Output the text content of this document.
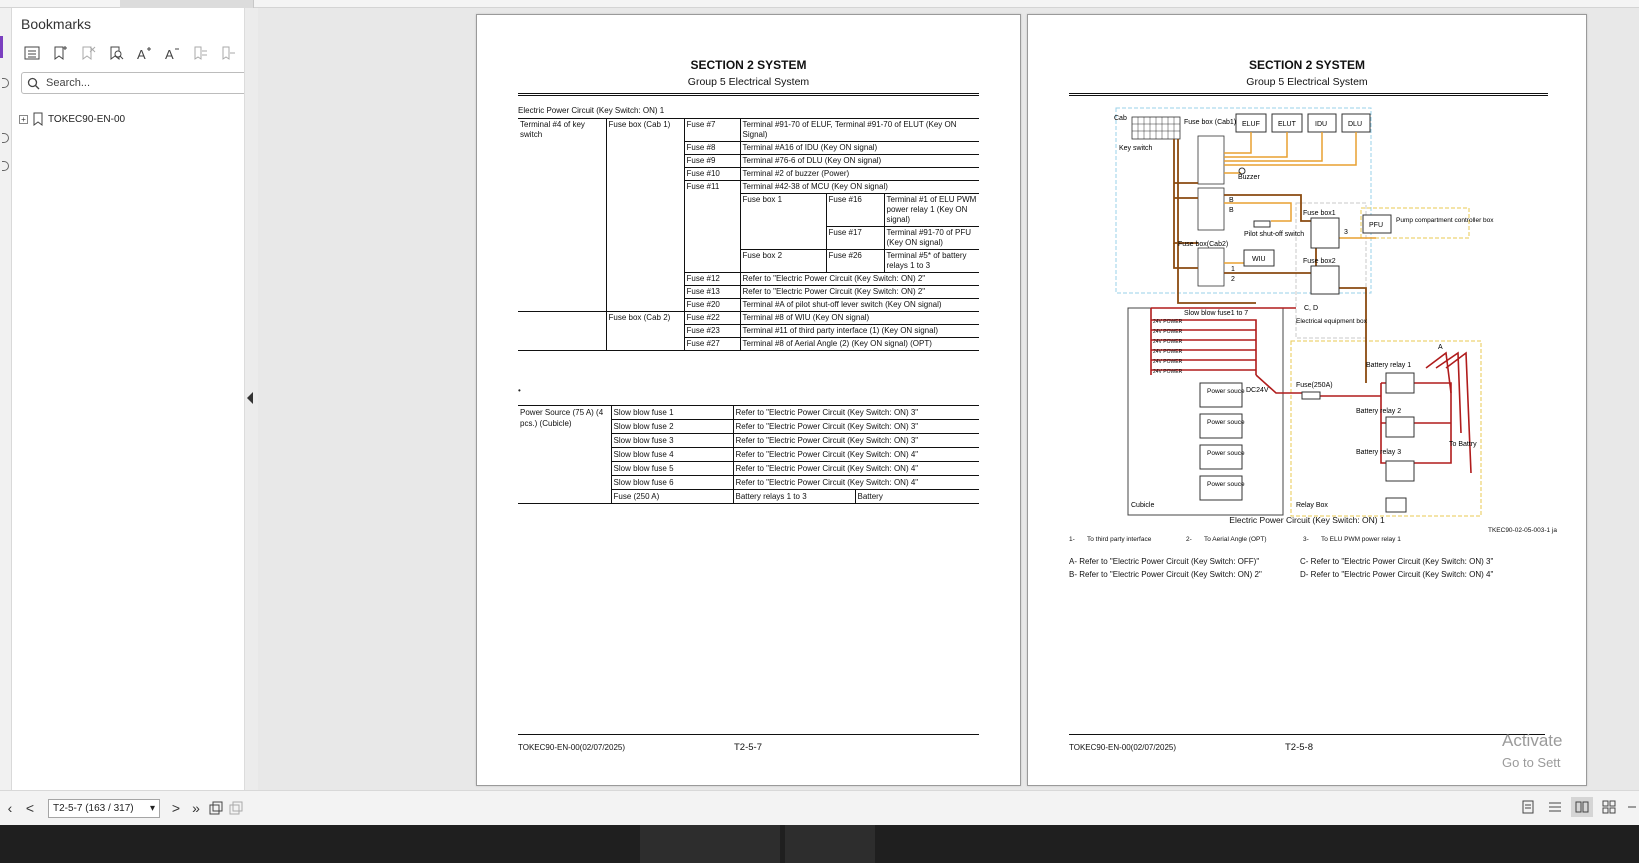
Bookmarks
A A
Search...
+ TOKEC90-EN-00
SECTION 2 SYSTEM
Group 5 Electrical System
Electric Power Circuit (Key Switch: ON) 1
Terminal #4 of key switch	Fuse box (Cab 1)	Fuse #7	Terminal #91-70 of ELUF, Terminal #91-70 of ELUT (Key ON Signal)		
		Fuse #8	Terminal #A16 of IDU (Key ON signal)		
		Fuse #9	Terminal #76-6 of DLU (Key ON signal)		
		Fuse #10	Terminal #2 of buzzer (Power)		
		Fuse #11	Terminal #42-38 of MCU (Key ON signal)		
			Fuse box 1	Fuse #16	Terminal #1 of ELU PWM power relay 1 (Key ON signal)
				Fuse #17	Terminal #91-70 of PFU (Key ON signal)
			Fuse box 2	Fuse #26	Terminal #5* of battery relays 1 to 3
		Fuse #12	Refer to "Electric Power Circuit (Key Switch: ON) 2"		
		Fuse #13	Refer to "Electric Power Circuit (Key Switch: ON) 2"		
		Fuse #20	Terminal #A of pilot shut-off lever switch (Key ON signal)		
	Fuse box (Cab 2)	Fuse #22	Terminal #8 of WIU (Key ON signal)		
		Fuse #23	Terminal #11 of third party interface (1) (Key ON signal)		
		Fuse #27	Terminal #8 of Aerial Angle (2) (Key ON signal) (OPT)		
•
Power Source (75 A) (4 pcs.) (Cubicle)	Slow blow fuse 1	Refer to "Electric Power Circuit (Key Switch: ON) 3"	
	Slow blow fuse 2	Refer to "Electric Power Circuit (Key Switch: ON) 3"	
	Slow blow fuse 3	Refer to "Electric Power Circuit (Key Switch: ON) 3"	
	Slow blow fuse 4	Refer to "Electric Power Circuit (Key Switch: ON) 4"	
	Slow blow fuse 5	Refer to "Electric Power Circuit (Key Switch: ON) 4"	
	Slow blow fuse 6	Refer to "Electric Power Circuit (Key Switch: ON) 4"	
	Fuse (250 A)	Battery relays 1 to 3	Battery
TOKEC90-EN-00(02/07/2025)	T2-5-7
SECTION 2 SYSTEM
Group 5 Electrical System
Cab
Key switch
Fuse box (Cab1) ELUF	ELUT	IDU	DLU
Buzzer
B
B
Pilot shut-off switch
Fuse box(Cab2)
WIU
1
2
Fuse box1
3
PFU
Pump compartment controller box
Fuse box2
C, D
Electrical equipment box
Slow blow fuse1 to 7
24V POWER
24V POWER
24V POWER
24V POWER
24V POWER
24V POWER
DC24V
Fuse(250A)
Power souce
Power souce
Power souce
Power souce
A
Battery relay 1
Battery relay 2
Battery relay 3
To Battry
Cubicle	Relay Box
Electric Power Circuit (Key Switch: ON) 1
TKEC90-02-05-003-1 ja
1- To third party interface	2- To Aerial Angle (OPT)	3- To ELU PWM power relay 1
A- Refer to "Electric Power Circuit (Key Switch: OFF)"
B- Refer to "Electric Power Circuit (Key Switch: ON) 2"
C- Refer to "Electric Power Circuit (Key Switch: ON) 3"
D- Refer to "Electric Power Circuit (Key Switch: ON) 4"
TOKEC90-EN-00(02/07/2025)	T2-5-8	Activate
Go to Sett
‹ <	T2-5-7 (163 / 317) ▾	> »
